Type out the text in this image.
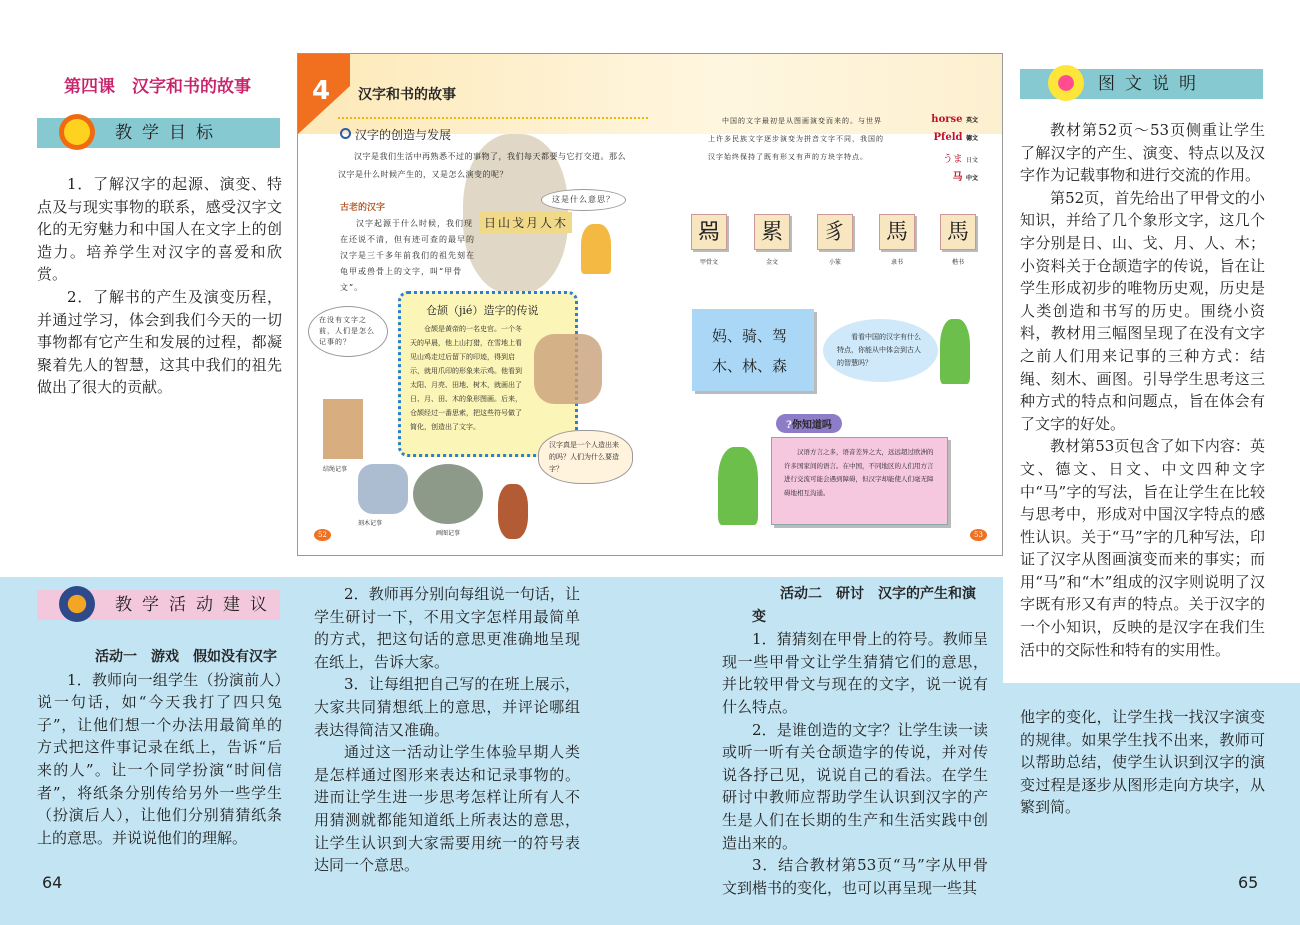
第四课　汉字和书的故事
教学目标

1．了解汉字的起源、演变、特点及与现实事物的联系，感受汉字文化的无穷魅力和中国人在文字上的创造力。培养学生对汉字的喜爱和欣赏。

2．了解书的产生及演变历程，并通过学习，体会到我们今天的一切事物都有它产生和发展的过程，都凝聚着先人的智慧，这其中我们的祖先做出了很大的贡献。

图文说明

教材第52页～53页侧重让学生了解汉字的产生、演变、特点以及汉字作为记载事物和进行交流的作用。

第52页，首先给出了甲骨文的小知识，并给了几个象形文字，这几个字分别是日、山、戈、月、人、木；小资料关于仓颉造字的传说，旨在让学生形成初步的唯物历史观，历史是人类创造和书写的历史。围绕小资料，教材用三幅图呈现了在没有文字之前人们用来记事的三种方式：结绳、刻木、画图。引导学生思考这三种方式的特点和问题点，旨在体会有了文字的好处。

教材第53页包含了如下内容：英文、德文、日文、中文四种文字中“马”字的写法，旨在让学生在比较与思考中，形成对中国汉字特点的感性认识。关于“马”字的几种写法，印证了汉字从图画演变而来的事实；而用“马”和“木”组成的汉字则说明了汉字既有形又有声的特点。关于汉字的一个小知识，反映的是汉字在我们生活中的交际性和特有的实用性。

教学活动建议

活动一　游戏　假如没有汉字

1．教师向一组学生（扮演前人）说一句话，如“今天我打了四只兔子”，让他们想一个办法用最简单的方式把这件事记录在纸上，告诉“后来的人”。让一个同学扮演“时间信者”，将纸条分别传给另外一些学生（扮演后人），让他们分别猜猜纸条上的意思。并说说他们的理解。

2．教师再分别向每组说一句话，让学生研讨一下，不用文字怎样用最简单的方式，把这句话的意思更准确地呈现在纸上，告诉大家。

3．让每组把自己写的在班上展示，大家共同猜想纸上的意思，并评论哪组表达得简洁又准确。

通过这一活动让学生体验早期人类是怎样通过图形来表达和记录事物的。进而让学生进一步思考怎样让所有人不用猜测就都能知道纸上所表达的意思，让学生认识到大家需要用统一的符号表达同一个意思。

活动二　研讨　汉字的产生和演变

1．猜猜刻在甲骨上的符号。教师呈现一些甲骨文让学生猜猜它们的意思，并比较甲骨文与现在的文字，说一说有什么特点。

2．是谁创造的文字？让学生读一读或听一听有关仓颉造字的传说，并对传说各抒己见，说说自己的看法。在学生研讨中教师应帮助学生认识到汉字的产生是人们在长期的生产和生活实践中创造出来的。

3．结合教材第53页“马”字从甲骨文到楷书的变化，也可以再呈现一些其

他字的变化，让学生找一找汉字演变的规律。如果学生找不出来，教师可以帮助总结，使学生认识到汉字的演变过程是逐步从图形走向方块字，从繁到简。

64	65
4 汉字和书的故事
汉字的创造与发展
汉字是我们生活中再熟悉不过的事物了，我们每天都要与它打交道。那么汉字是什么时候产生的，又是怎么演变的呢？
古老的汉字
汉字起源于什么时候，我们现在还说不清，但有迹可查的最早的汉字是三千多年前我们的祖先刻在龟甲或兽骨上的文字，叫“甲骨文”。
日山戈月人木
这是什么意思？
在没有文字之前，人们是怎么记事的？
仓颉（jié）造字的传说
仓颉是黄帝的一名史官。一个冬天的早晨，他上山打猎，在雪地上看见山鸡走过后留下的印迹，得到启示，就用爪印的形象来示鸡。他看到太阳、月亮、田地、树木，就画出了日、月、田、木的象形图画。后来，仓颉经过一番思索，把这些符号做了简化，创造出了文字。
汉字真是一个人造出来的吗？人们为什么要造字？
结绳记事
刻木记事
画图记事
52
中国的文字最初是从图画演变而来的。与世界上许多民族文字逐步演变为拼音文字不同，我国的汉字始终保持了既有形又有声的方块字特点。
horse 英文
Pfeld 德文
うま 日文
马 中文
𤉡	累	豸	馬	馬
甲骨文	金文	小篆	隶书	楷书
妈、骑、驾
木、林、森
看看中国的汉字有什么特点，你能从中体会到古人的智慧吗？
?你知道吗
汉语方言之多，语音差异之大，远远超过欧洲的许多国家间的语言。在中国，不同地区的人们用方言进行交流可能会遇到障碍，但汉字却能使人们毫无障碍地相互沟通。
53
